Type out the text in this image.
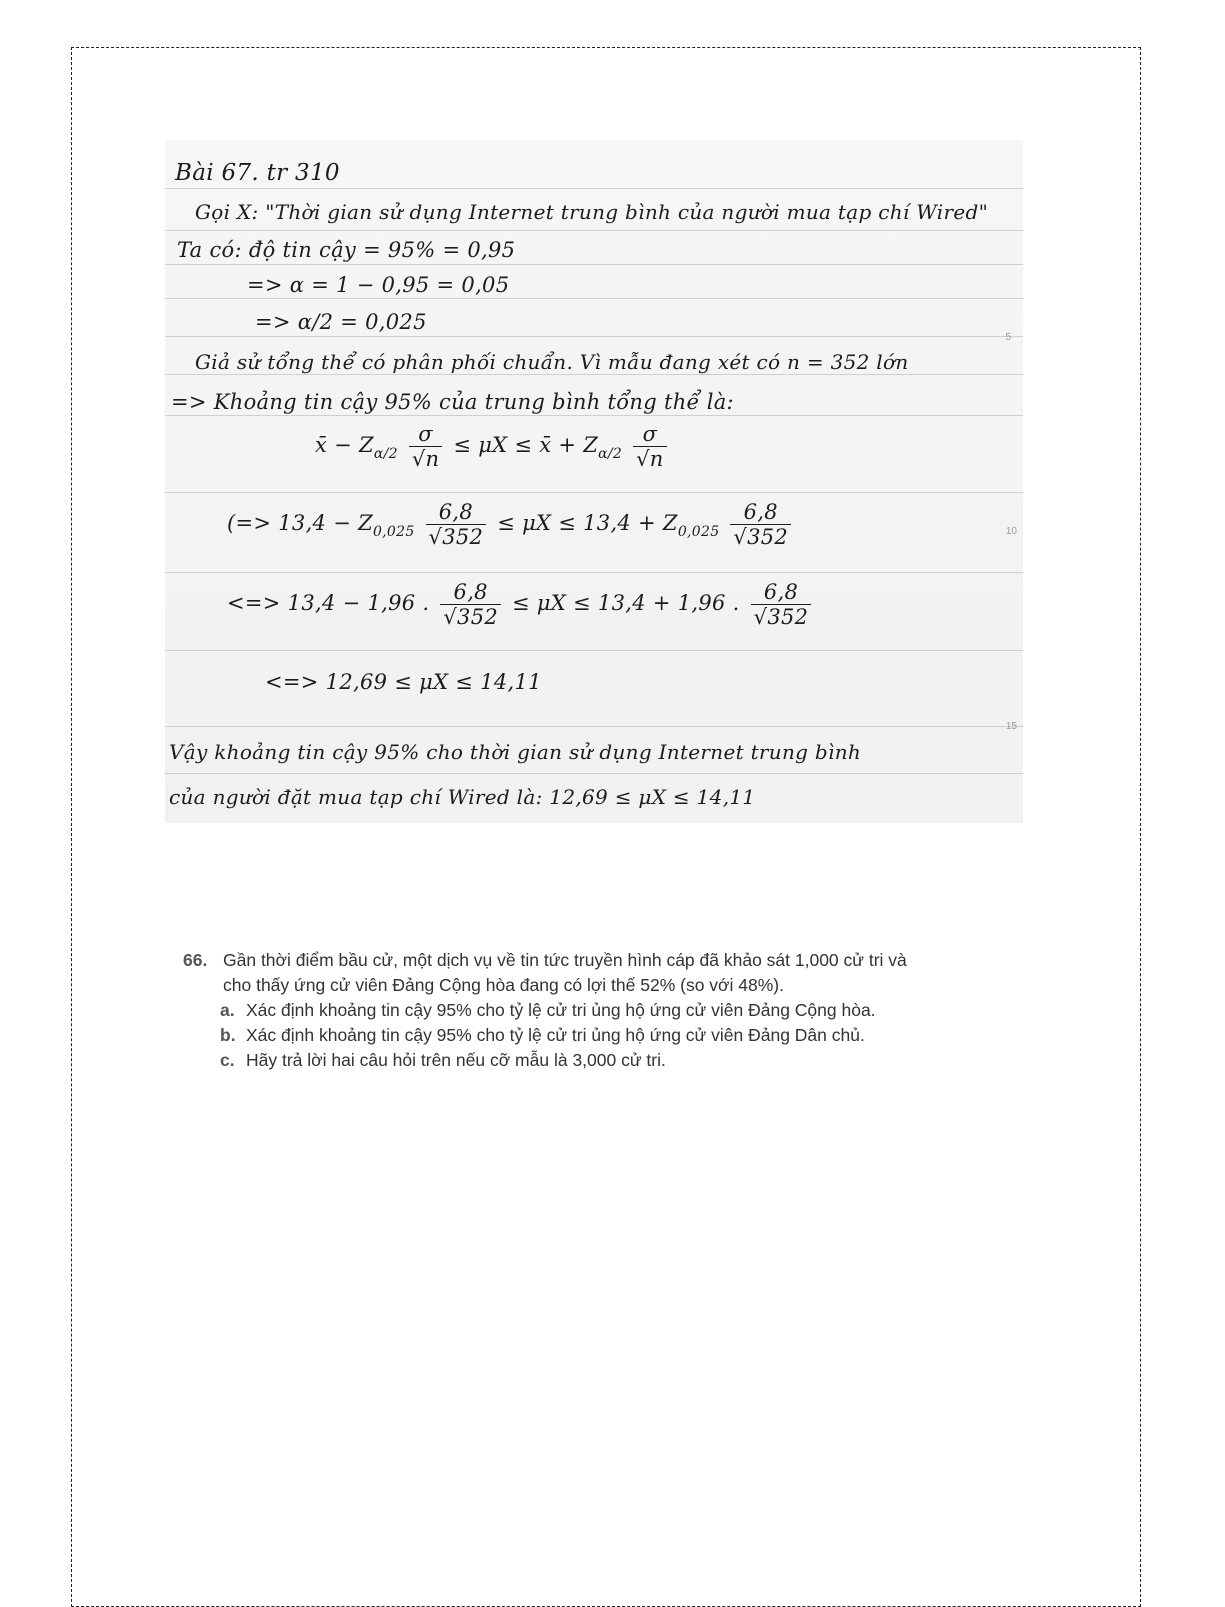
5
10
15
Bài 67. tr 310
Gọi X: "Thời gian sử dụng Internet trung bình của người mua tạp chí Wired"
Ta có: độ tin cậy = 95% = 0,95
=> α = 1 − 0,95 = 0,05
=> α/2 = 0,025
Giả sử tổng thể có phân phối chuẩn. Vì mẫu đang xét có n = 352 lớn
=> Khoảng tin cậy 95% của trung bình tổng thể là:
x̄ − $Z_{\alpha/2} \frac{\sigma}{√n} \le \mu X$ ≤ x̄ + $Z_{\alpha/2} \frac{\sigma}{√n}$
(=> $13,4 - Z_{0,025} \frac{6,8}{√352} \le \mu X \le 13,4 + Z_{0,025} \frac{6,8}{√352}$
<=> 13,4 − 1,96 . $\frac{6,8}{√352} \le \mu X \le 13,4 + 1,96$ . $\frac{6,8}{√352}$
<=> 12,69 ≤ μX ≤ 14,11
Vậy khoảng tin cậy 95% cho thời gian sử dụng Internet trung bình
của người đặt mua tạp chí Wired là: 12,69 ≤ μX ≤ 14,11
66. Gần thời điểm bầu cử, một dịch vụ về tin tức truyền hình cáp đã khảo sát 1,000 cử tri và
cho thấy ứng cử viên Đảng Cộng hòa đang có lợi thế 52% (so với 48%).
a. Xác định khoảng tin cậy 95% cho tỷ lệ cử tri ủng hộ ứng cử viên Đảng Cộng hòa.
b. Xác định khoảng tin cậy 95% cho tỷ lệ cử tri ủng hộ ứng cử viên Đảng Dân chủ.
c. Hãy trả lời hai câu hỏi trên nếu cỡ mẫu là 3,000 cử tri.
